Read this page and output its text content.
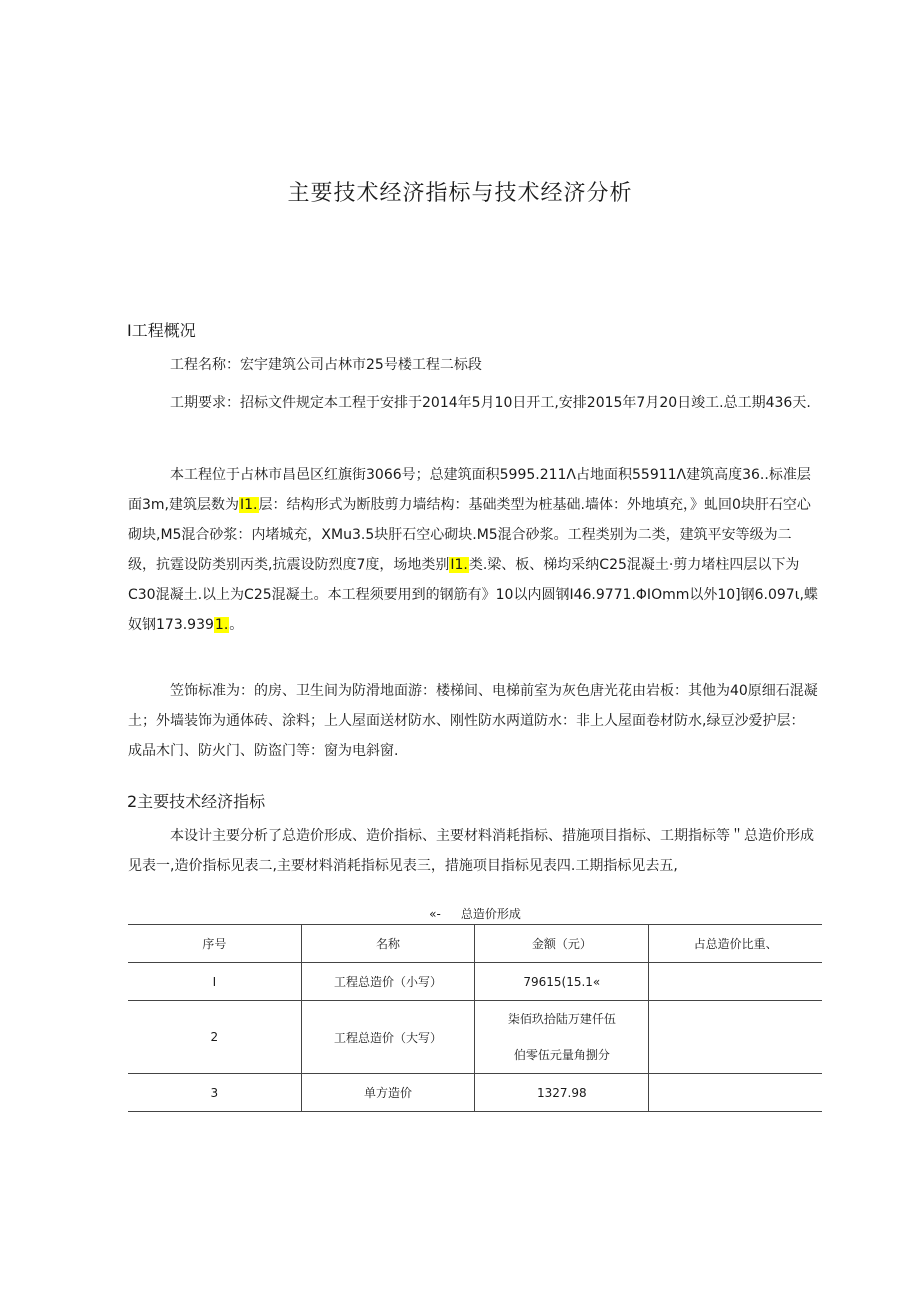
主要技术经济指标与技术经济分析
I工程概况
工程名称：宏宇建筑公司占林市25号楼工程二标段
工期要求：招标文件规定本工程于安排于2014年5月10日开工,安排2015年7月20日竣工.总工期436天.
本工程位于占林市昌邑区红旗街3066号；总建筑面积5995.211Λ占地面积55911Λ建筑高度36..标准层面3m,建筑层数为I1.层：结构形式为断肢剪力墙结构：基础类型为桩基础.墙体：外地填充，》虬回0块肝石空心砌块,M5混合砂浆：内堵城充，XMu3.5块肝石空心砌块.M5混合砂浆。工程类别为二类，建筑平安等级为二级，抗霆设防类别丙类,抗震设防烈度7度，场地类别I1.类.梁、板、梯均采纳C25混凝土·剪力堵柱四层以下为C30混凝土.以上为C25混凝土。本工程须要用到的钢筋有》10以内圆钢I46.9771.ΦIOmm以外10]钢6.097ι,蝶奴钢173.9391.。
笠饰标准为：的房、卫生间为防滑地面游：楼梯间、电梯前室为灰色唐光花由岩板：其他为40原细石混凝土；外墙装饰为通体砖、涂料；上人屋面送材防水、刚性防水两道防水：非上人屋面卷材防水,绿豆沙爱护层：成品木门、防火门、防盗门等：窗为电斜窗.
2主要技术经济指标
本设计主要分析了总造价形成、造价指标、主要材料消耗指标、措施项目指标、工期指标等＂总造价形成见表一,造价指标见表二,主要材料消耗指标见表三，措施项目指标见表四.工期指标见去五,
«- 总造价形成
序号	名称	金额（元）	占总造价比重、
I	工程总造价（小写）	79615(15.1«	
2	工程总造价（大写）	柒佰玖拾陆万建仟伍
伯零伍元量角捌分	

3	单方造价	1327.98	
